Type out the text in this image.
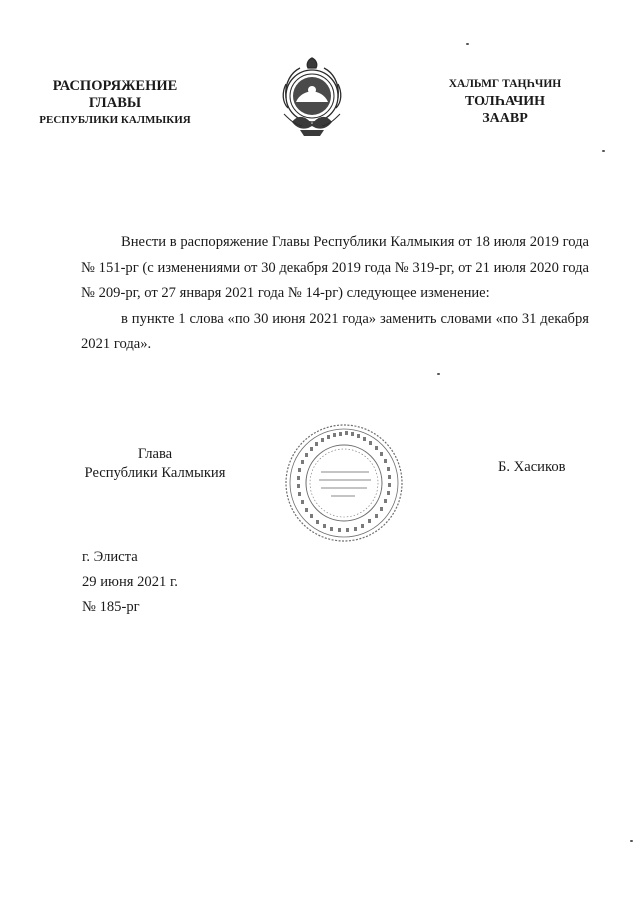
РАСПОРЯЖЕНИЕ
ГЛАВЫ
РЕСПУБЛИКИ КАЛМЫКИЯ
ХАЛЬМГ ТАҢҺЧИН
ТОЛҺАЧИН
ЗААВР

Внести в распоряжение Главы Республики Калмыкия от 18 июля 2019 года № 151-рг (с изменениями от 30 декабря 2019 года № 319-рг, от 21 июля 2020 года № 209-рг, от 27 января 2021 года № 14-рг) следующее изменение:

в пункте 1 слова «по 30 июня 2021 года» заменить словами «по 31 декабря 2021 года».

Глава
Республики Калмыкия	Б. Хасиков
г. Элиста
29 июня 2021 г.
№ 185-рг
